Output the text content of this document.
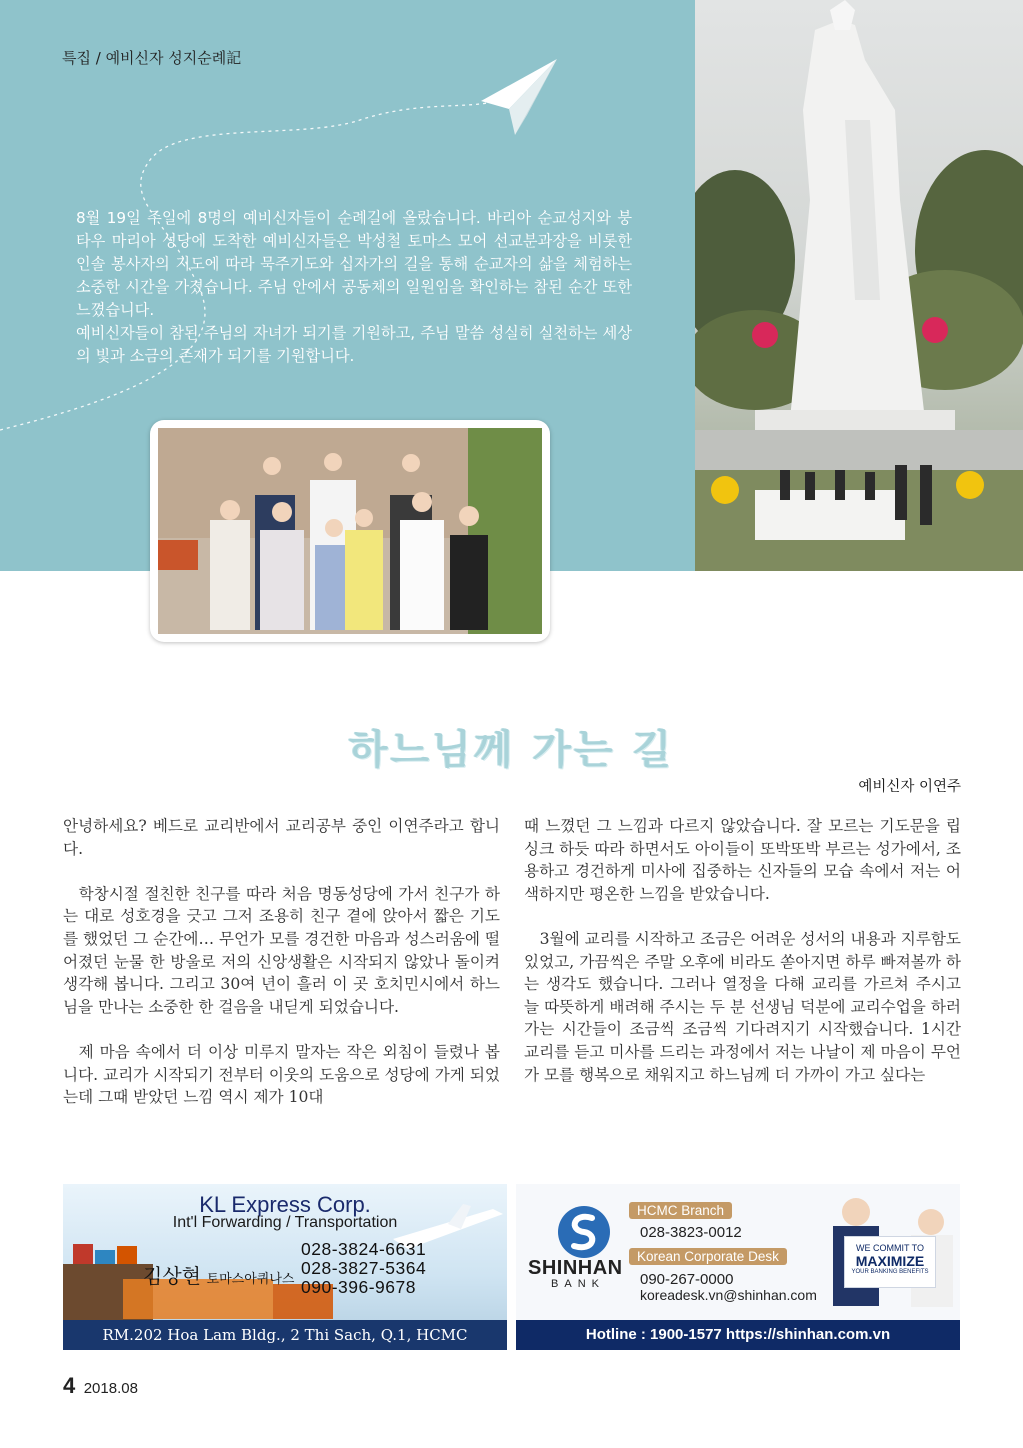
특집 / 예비신자 성지순례記

8월 19일 주일에 8명의 예비신자들이 순례길에 올랐습니다. 바리아 순교성지와 붕타우 마리아 성당에 도착한 예비신자들은 박성철 토마스 모어 선교분과장을 비롯한 인솔 봉사자의 지도에 따라 묵주기도와 십자가의 길을 통해 순교자의 삶을 체험하는 소중한 시간을 가졌습니다. 주님 안에서 공동체의 일원임을 확인하는 참된 순간 또한 느꼈습니다.

예비신자들이 참된 주님의 자녀가 되기를 기원하고, 주님 말씀 성실히 실천하는 세상의 빛과 소금의 존재가 되기를 기원합니다.

하느님께 가는 길
예비신자 이연주

안녕하세요? 베드로 교리반에서 교리공부 중인 이연주라고 합니다.

학창시절 절친한 친구를 따라 처음 명동성당에 가서 친구가 하는 대로 성호경을 긋고 그저 조용히 친구 곁에 앉아서 짧은 기도를 했었던 그 순간에… 무언가 모를 경건한 마음과 성스러움에 떨어졌던 눈물 한 방울로 저의 신앙생활은 시작되지 않았나 돌이켜 생각해 봅니다. 그리고 30여 년이 흘러 이 곳 호치민시에서 하느님을 만나는 소중한 한 걸음을 내딛게 되었습니다.

제 마음 속에서 더 이상 미루지 말자는 작은 외침이 들렸나 봅니다. 교리가 시작되기 전부터 이웃의 도움으로 성당에 가게 되었는데 그때 받았던 느낌 역시 제가 10대

때 느꼈던 그 느낌과 다르지 않았습니다. 잘 모르는 기도문을 립싱크 하듯 따라 하면서도 아이들이 또박또박 부르는 성가에서, 조용하고 경건하게 미사에 집중하는 신자들의 모습 속에서 저는 어색하지만 평온한 느낌을 받았습니다.

3월에 교리를 시작하고 조금은 어려운 성서의 내용과 지루함도 있었고, 가끔씩은 주말 오후에 비라도 쏟아지면 하루 빠져볼까 하는 생각도 했습니다. 그러나 열정을 다해 교리를 가르쳐 주시고 늘 따뜻하게 배려해 주시는 두 분 선생님 덕분에 교리수업을 하러 가는 시간들이 조금씩 조금씩 기다려지기 시작했습니다. 1시간 교리를 듣고 미사를 드리는 과정에서 저는 나날이 제 마음이 무언가 모를 행복으로 채워지고 하느님께 더 가까이 가고 싶다는

KL Express Corp.
Int'l Forwarding / Transportation
김상현 토마스아퀴나스
028-3824-6631
028-3827-5364
090-396-9678
RM.202 Hoa Lam Bldg., 2 Thi Sach, Q.1, HCMC
SHINHAN
BANK
HCMC Branch
028-3823-0012
Korean Corporate Desk
090-267-0000
koreadesk.vn@shinhan.com
WE COMMIT TO
MAXIMIZE
YOUR BANKING BENEFITS
Hotline : 1900-1577 https://shinhan.com.vn
4 2018.08
